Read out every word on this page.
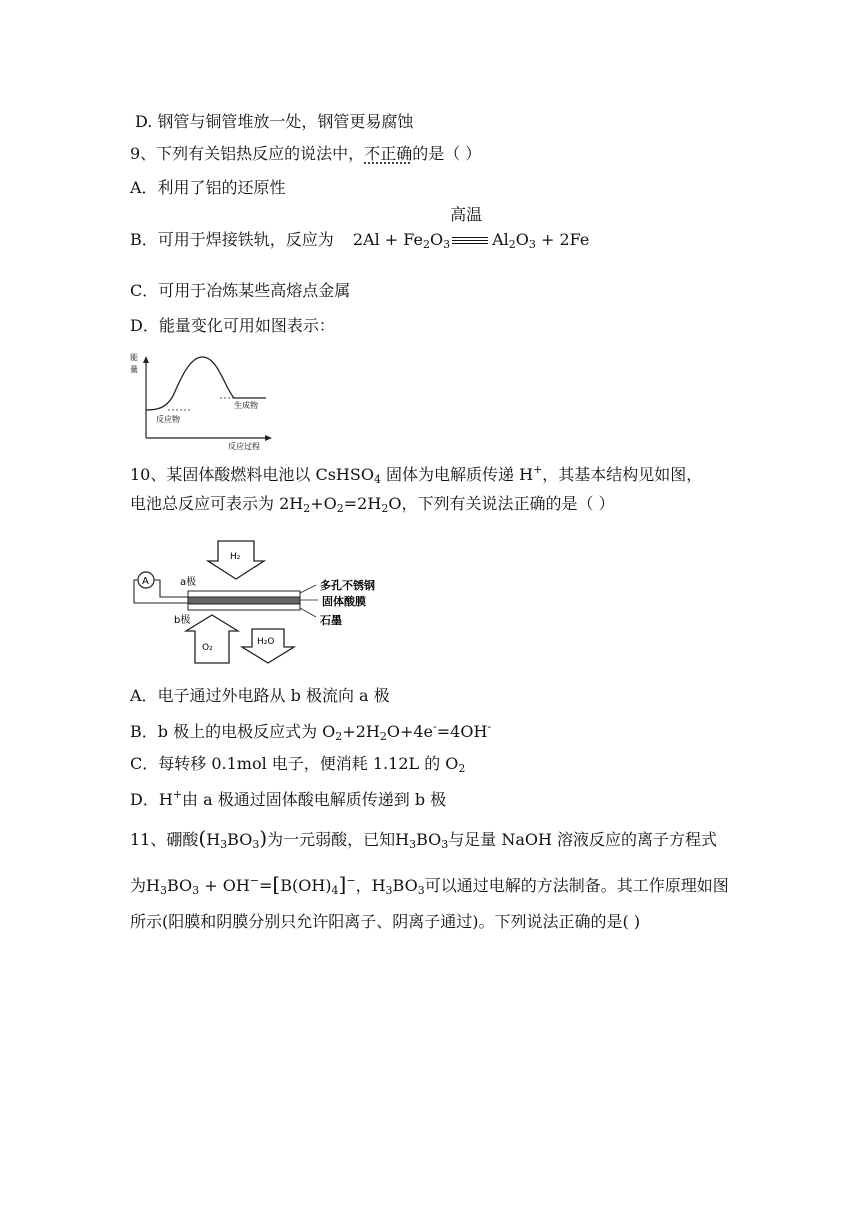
D. 钢管与铜管堆放一处，钢管更易腐蚀
9、下列有关铝热反应的说法中，不正确的是（ ）
A．利用了铝的还原性
B．可用于焊接铁轨，反应为 $2Al + Fe_2O_3$
高温
$Al_2O_3 + 2Fe$
C．可用于冶炼某些高熔点金属
D．能量变化可用如图表示：
能
量
反应物
生成物
反应过程
10、某固体酸燃料电池以 CsHSO$_4$ 固体为电解质传递 H+，其基本结构见如图，
电池总反应可表示为 $2H_2+O_2=2H_2O$，下列有关说法正确的是（ ）
H₂
A	a极	多孔不锈钢
固体酸膜
石墨
b极
O₂
H₂O
A．电子通过外电路从 b 极流向 a 极
B．b 极上的电极反应式为 $O_2+2H_2O+4e^-=4OH^-$
C．每转移 0.1mol 电子，便消耗 1.12L 的 $O_2$
D．H+由 a 极通过固体酸电解质传递到 b 极
11、硼酸$(H_3BO_3)$为一元弱酸，已知$H_3BO_3$与足量 NaOH 溶液反应的离子方程式
为$H_3BO_3 + OH^-=[B(OH)_4]^-$，$H_3BO_3$可以通过电解的方法制备。其工作原理如图
所示(阳膜和阴膜分别只允许阳离子、阴离子通过)。下列说法正确的是( )
